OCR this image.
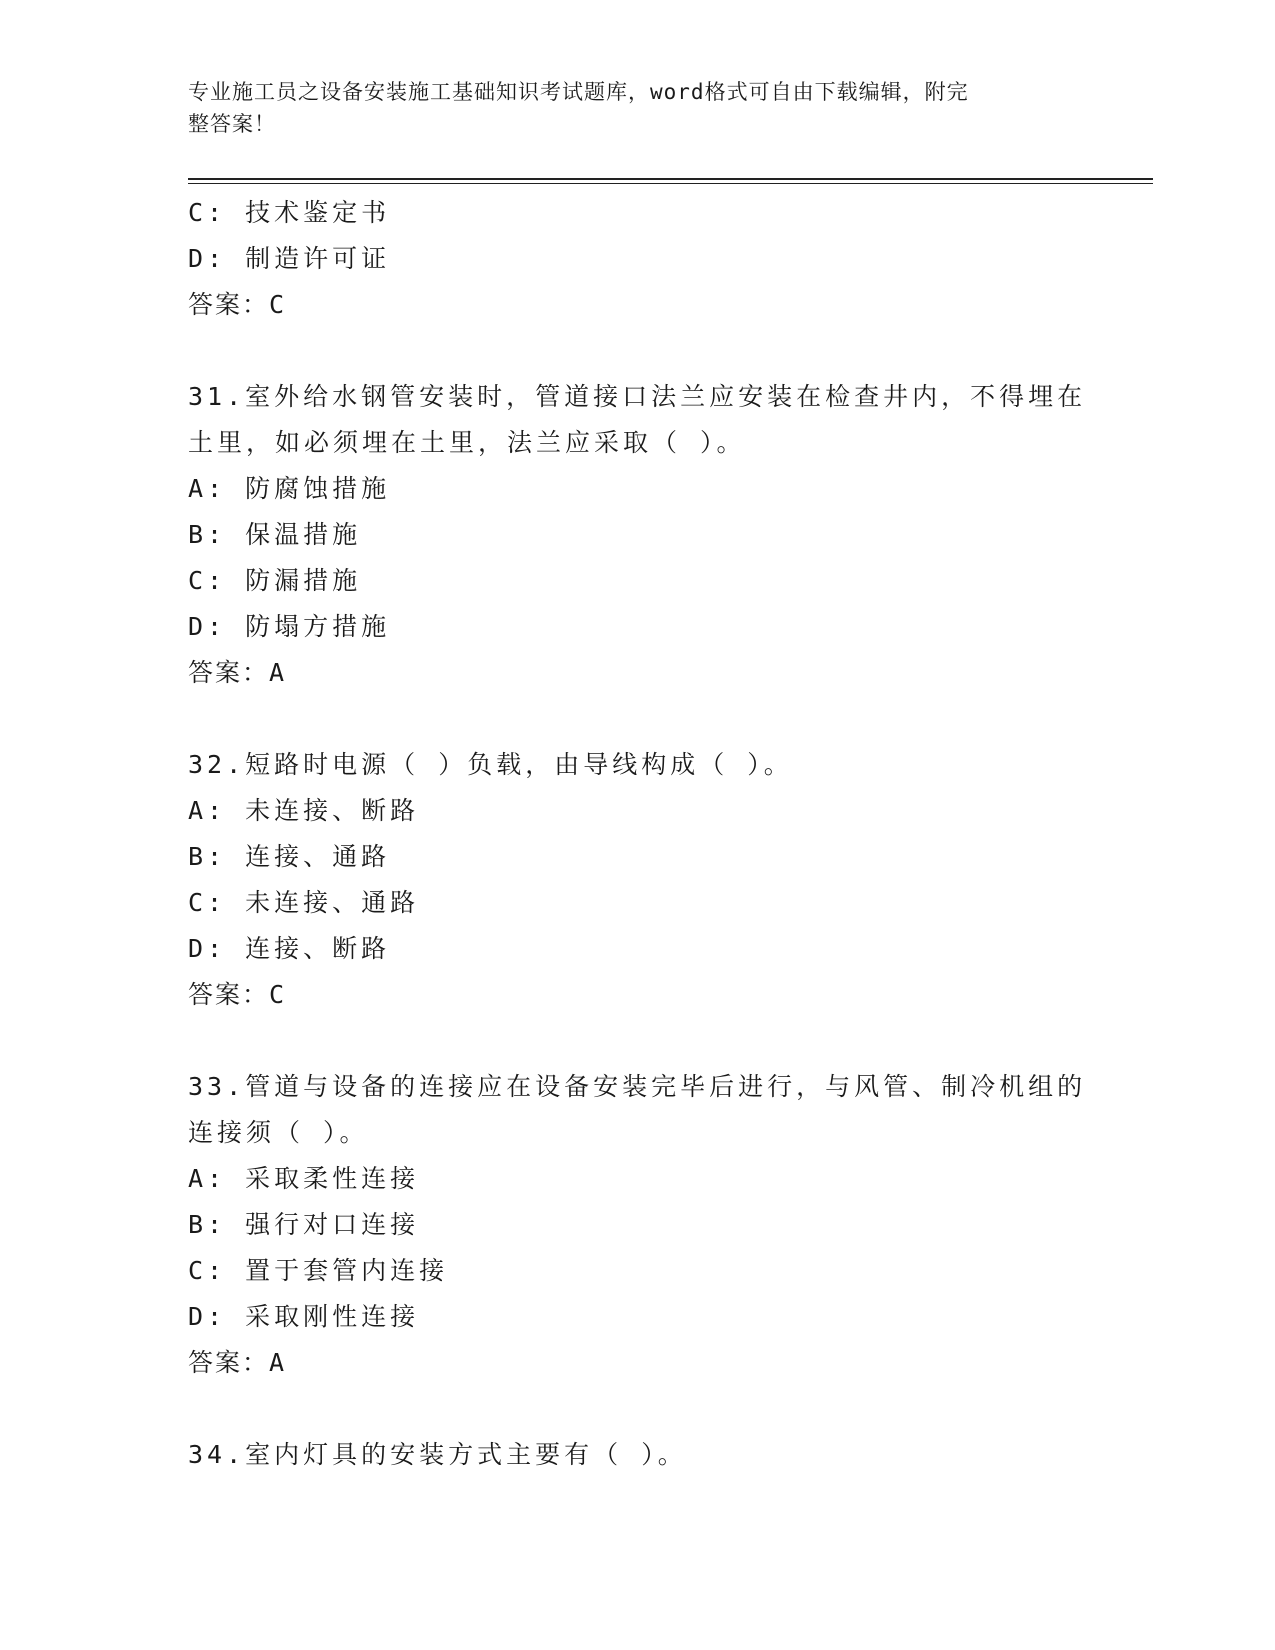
专业施工员之设备安装施工基础知识考试题库，word格式可自由下载编辑，附完
整答案！
C: 技术鉴定书
D: 制造许可证
答案：C
31.室外给水钢管安装时，管道接口法兰应安装在检查井内，不得埋在
土里，如必须埋在土里，法兰应采取（ ）。
A: 防腐蚀措施
B: 保温措施
C: 防漏措施
D: 防塌方措施
答案：A
32.短路时电源（ ）负载，由导线构成（ ）。
A: 未连接、断路
B: 连接、通路
C: 未连接、通路
D: 连接、断路
答案：C
33.管道与设备的连接应在设备安装完毕后进行，与风管、制冷机组的
连接须（ ）。
A: 采取柔性连接
B: 强行对口连接
C: 置于套管内连接
D: 采取刚性连接
答案：A
34.室内灯具的安装方式主要有（ ）。
